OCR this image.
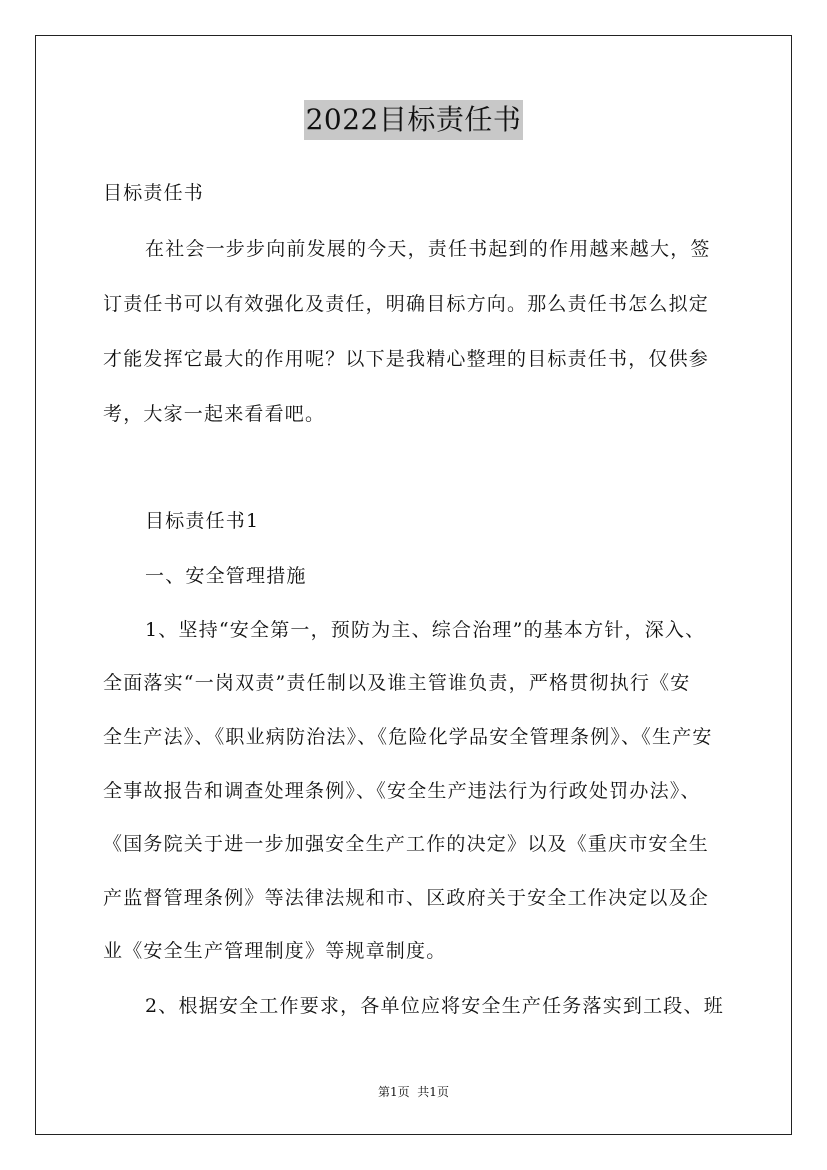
2022目标责任书
目标责任书
在社会一步步向前发展的今天，责任书起到的作用越来越大，签
订责任书可以有效强化及责任，明确目标方向。那么责任书怎么拟定
才能发挥它最大的作用呢？以下是我精心整理的目标责任书，仅供参
考，大家一起来看看吧。
目标责任书1
一、安全管理措施
1、坚持“安全第一，预防为主、综合治理”的基本方针，深入、
全面落实“一岗双责”责任制以及谁主管谁负责，严格贯彻执行《安
全生产法》、《职业病防治法》、《危险化学品安全管理条例》、《生产安
全事故报告和调查处理条例》、《安全生产违法行为行政处罚办法》、
《国务院关于进一步加强安全生产工作的决定》以及《重庆市安全生
产监督管理条例》等法律法规和市、区政府关于安全工作决定以及企
业《安全生产管理制度》等规章制度。
2、根据安全工作要求，各单位应将安全生产任务落实到工段、班
第1页  共1页
